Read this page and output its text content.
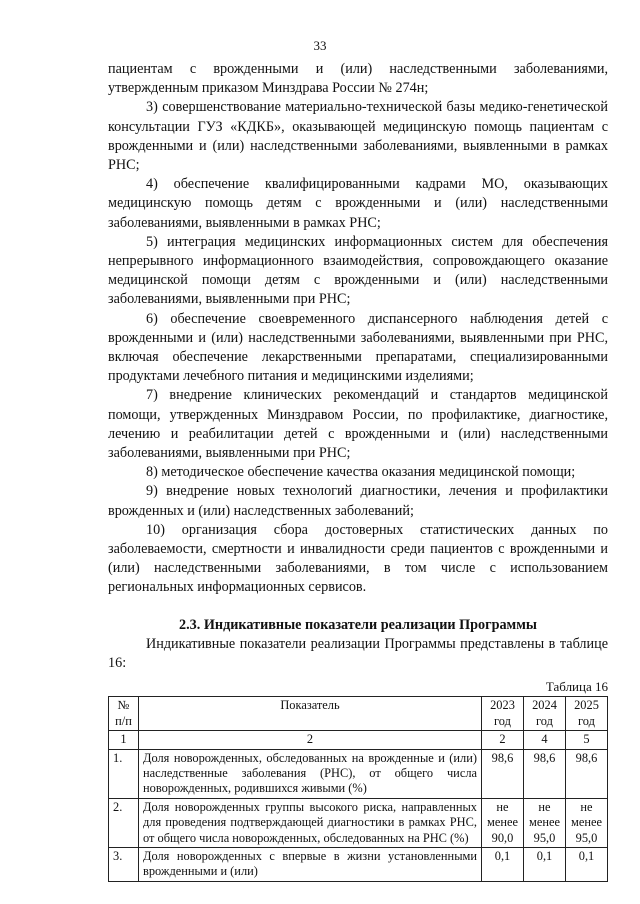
33

пациентам с врожденными и (или) наследственными заболеваниями, утвержденным приказом Минздрава России № 274н;

3) совершенствование материально-технической базы медико-генетической консультации ГУЗ «КДКБ», оказывающей медицинскую помощь пациентам с врожденными и (или) наследственными заболеваниями, выявленными в рамках РНС;

4) обеспечение квалифицированными кадрами МО, оказывающих медицинскую помощь детям с врожденными и (или) наследственными заболеваниями, выявленными в рамках РНС;

5) интеграция медицинских информационных систем для обеспечения непрерывного информационного взаимодействия, сопровождающего оказание медицинской помощи детям с врожденными и (или) наследственными заболеваниями, выявленными при РНС;

6) обеспечение своевременного диспансерного наблюдения детей с врожденными и (или) наследственными заболеваниями, выявленными при РНС, включая обеспечение лекарственными препаратами, специализированными продуктами лечебного питания и медицинскими изделиями;

7) внедрение клинических рекомендаций и стандартов медицинской помощи, утвержденных Минздравом России, по профилактике, диагностике, лечению и реабилитации детей с врожденными и (или) наследственными заболеваниями, выявленными при РНС;

8) методическое обеспечение качества оказания медицинской помощи;

9) внедрение новых технологий диагностики, лечения и профилактики врожденных и (или) наследственных заболеваний;

10) организация сбора достоверных статистических данных по заболеваемости, смертности и инвалидности среди пациентов с врожденными и (или) наследственными заболеваниями, в том числе с использованием региональных информационных сервисов.

2.3. Индикативные показатели реализации Программы

Индикативные показатели реализации Программы представлены в таблице 16:

Таблица 16
№ п/п	Показатель	2023 год	2024 год	2025 год
1	2	2	4	5
1.	Доля новорожденных, обследованных на врожденные и (или) наследственные заболевания (РНС), от общего числа новорожденных, родившихся живыми (%)	98,6	98,6	98,6
2.	Доля новорожденных группы высокого риска, направленных для проведения подтверждающей диагностики в рамках РНС, от общего числа новорожденных, обследованных на РНС (%)	не менее 90,0	не менее 95,0	не менее 95,0
3.	Доля новорожденных с впервые в жизни установленными врожденными и (или)	0,1	0,1	0,1
